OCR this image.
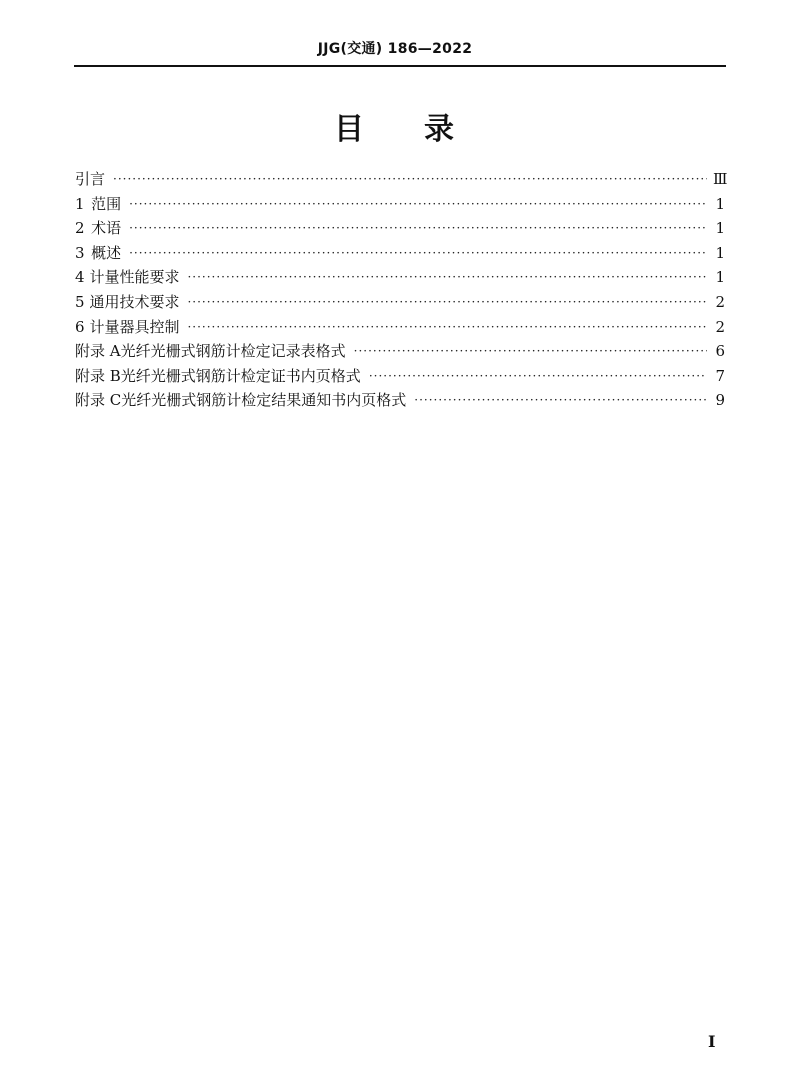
JJG(交通) 186—2022
目 录
引言 ·····	Ⅲ
1 范围 ·····	1
2 术语 ·····	1
3 概述 ·····	1
4 计量性能要求 ·····	1
5 通用技术要求 ·····	2
6 计量器具控制 ·····	2
附录 A 光纤光栅式钢筋计检定记录表格式 ·····	6
附录 B 光纤光栅式钢筋计检定证书内页格式 ·····	7
附录 C 光纤光栅式钢筋计检定结果通知书内页格式 ·····	9
Ⅰ
